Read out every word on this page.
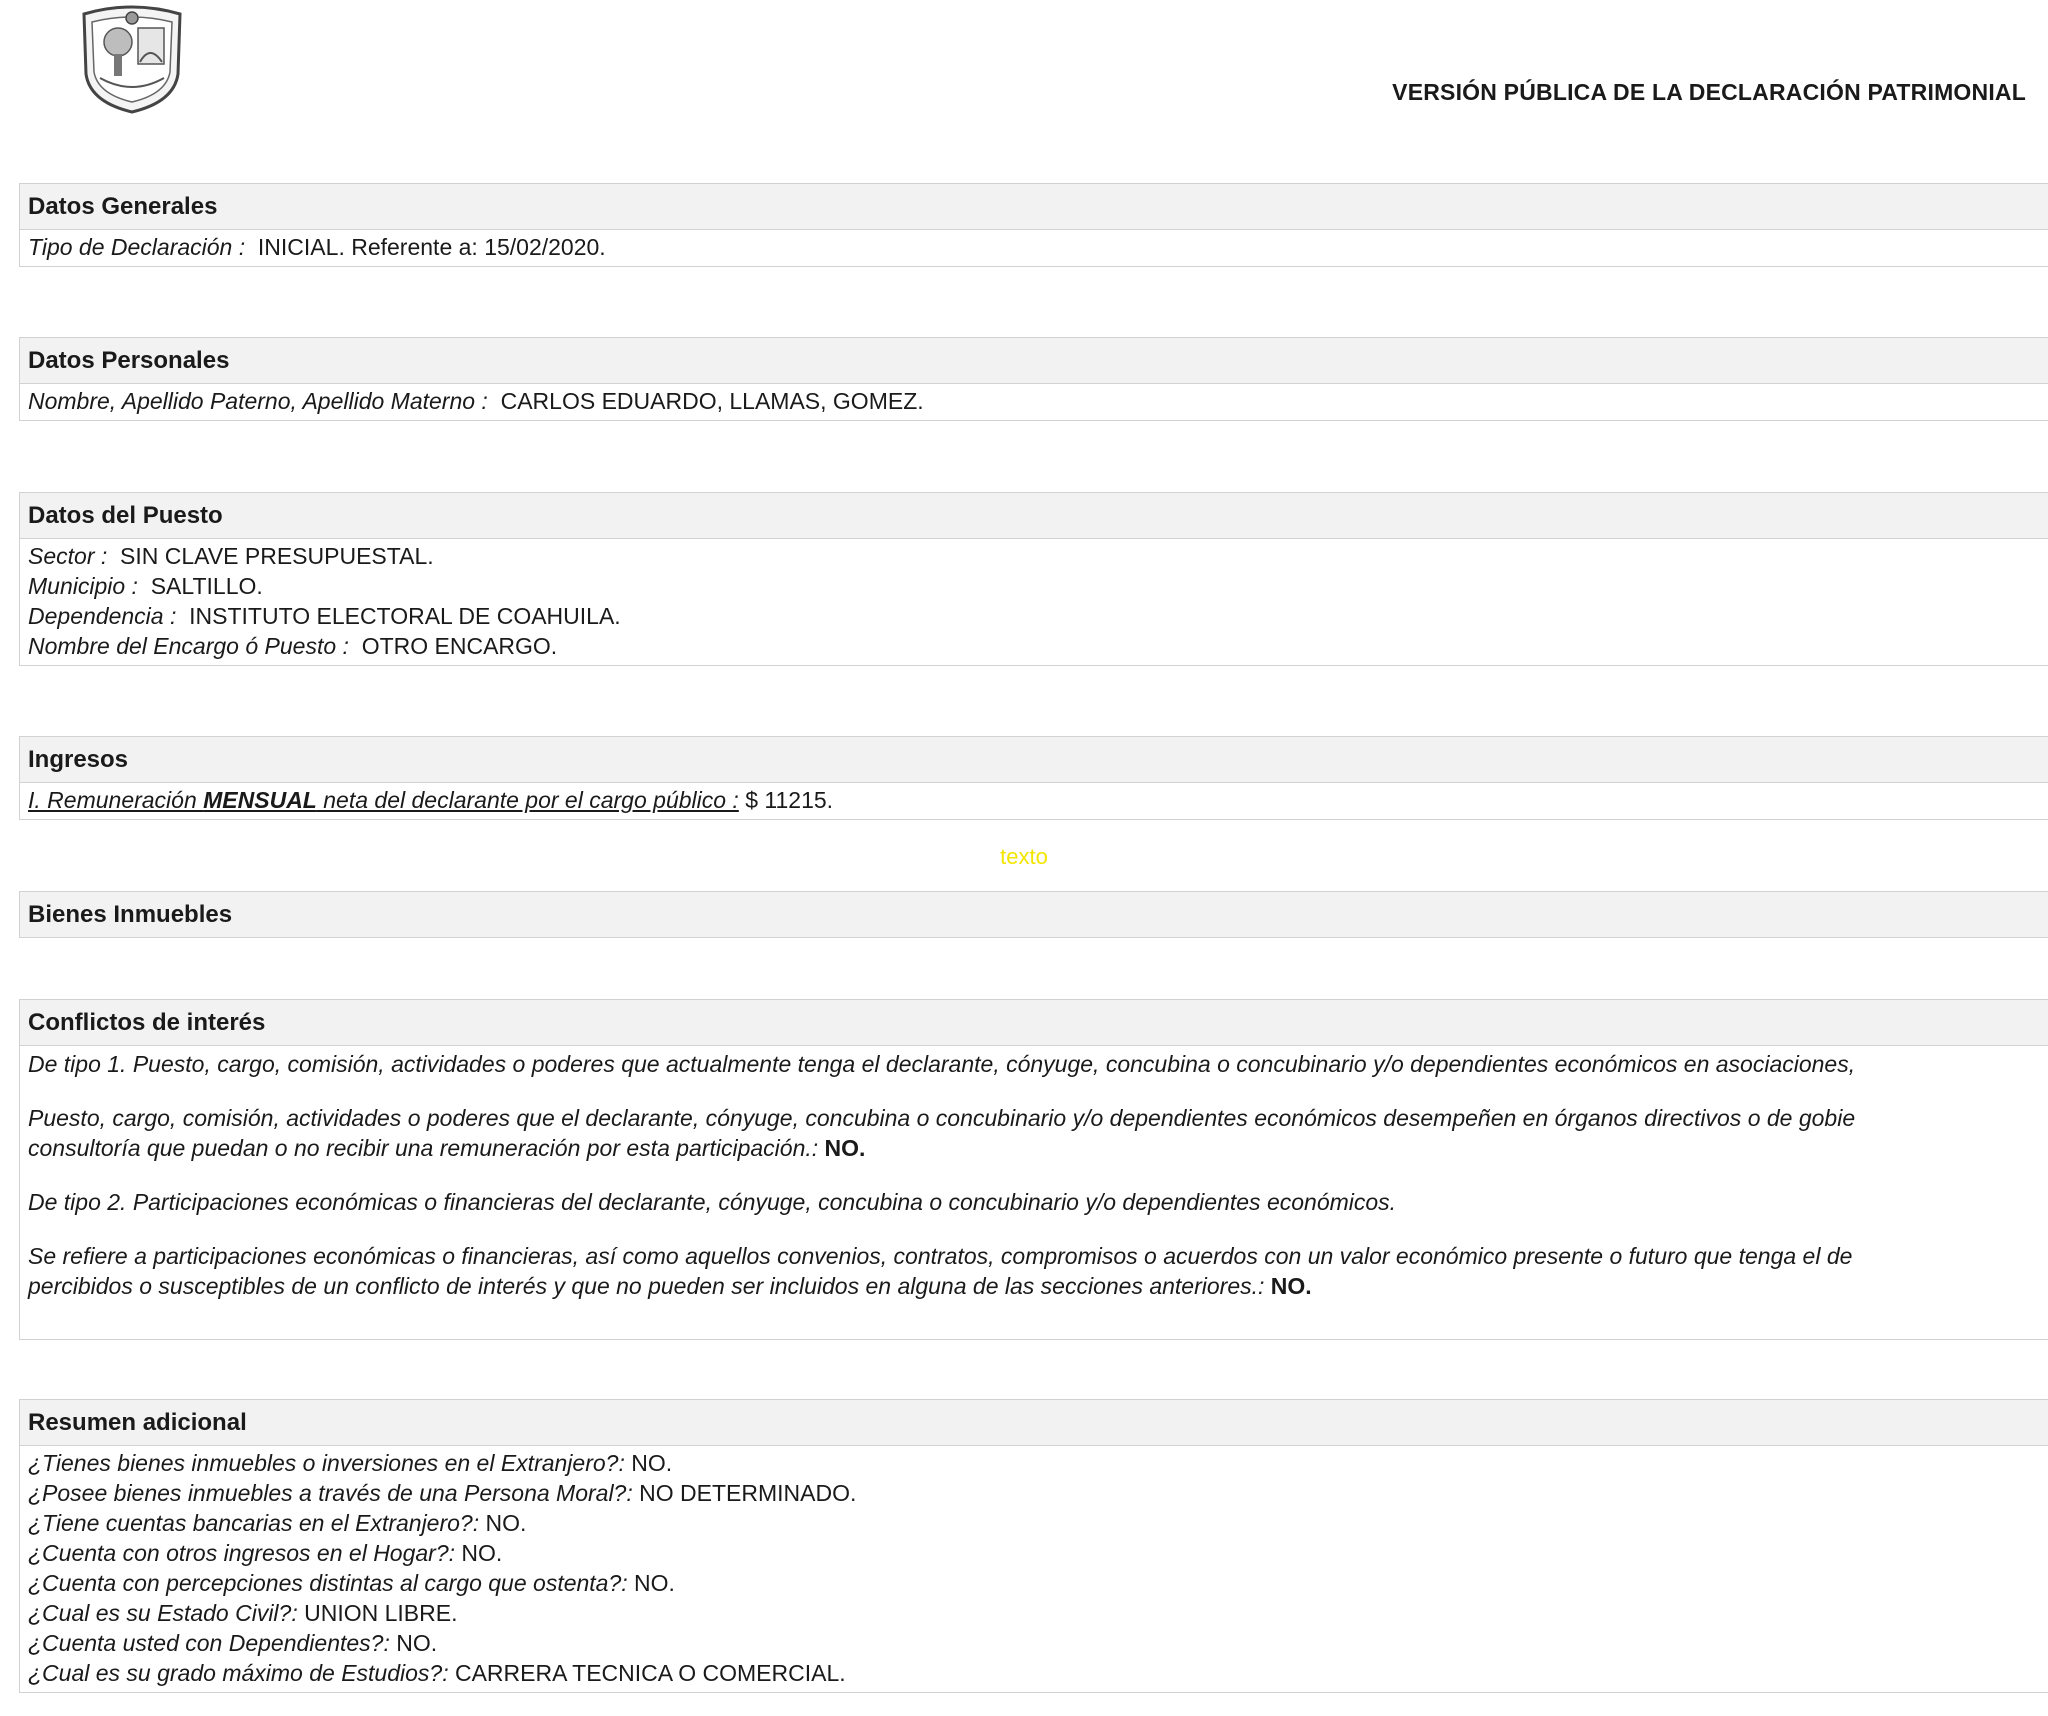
VERSIÓN PÚBLICA DE LA DECLARACIÓN PATRIMONIAL
Datos Generales
Tipo de Declaración : INICIAL. Referente a: 15/02/2020.
Datos Personales
Nombre, Apellido Paterno, Apellido Materno : CARLOS EDUARDO, LLAMAS, GOMEZ.
Datos del Puesto
Sector : SIN CLAVE PRESUPUESTAL.
Municipio : SALTILLO.
Dependencia : INSTITUTO ELECTORAL DE COAHUILA.
Nombre del Encargo ó Puesto : OTRO ENCARGO.
Ingresos
I. Remuneración MENSUAL neta del declarante por el cargo público : $ 11215.
texto
Bienes Inmuebles
Conflictos de interés
De tipo 1. Puesto, cargo, comisión, actividades o poderes que actualmente tenga el declarante, cónyuge, concubina o concubinario y/o dependientes económicos en asociaciones,
Puesto, cargo, comisión, actividades o poderes que el declarante, cónyuge, concubina o concubinario y/o dependientes económicos desempeñen en órganos directivos o de gobie
consultoría que puedan o no recibir una remuneración por esta participación.: NO.
De tipo 2. Participaciones económicas o financieras del declarante, cónyuge, concubina o concubinario y/o dependientes económicos.
Se refiere a participaciones económicas o financieras, así como aquellos convenios, contratos, compromisos o acuerdos con un valor económico presente o futuro que tenga el de
percibidos o susceptibles de un conflicto de interés y que no pueden ser incluidos en alguna de las secciones anteriores.: NO.
Resumen adicional
¿Tienes bienes inmuebles o inversiones en el Extranjero?: NO.
¿Posee bienes inmuebles a través de una Persona Moral?: NO DETERMINADO.
¿Tiene cuentas bancarias en el Extranjero?: NO.
¿Cuenta con otros ingresos en el Hogar?: NO.
¿Cuenta con percepciones distintas al cargo que ostenta?: NO.
¿Cual es su Estado Civil?: UNION LIBRE.
¿Cuenta usted con Dependientes?: NO.
¿Cual es su grado máximo de Estudios?: CARRERA TECNICA O COMERCIAL.
